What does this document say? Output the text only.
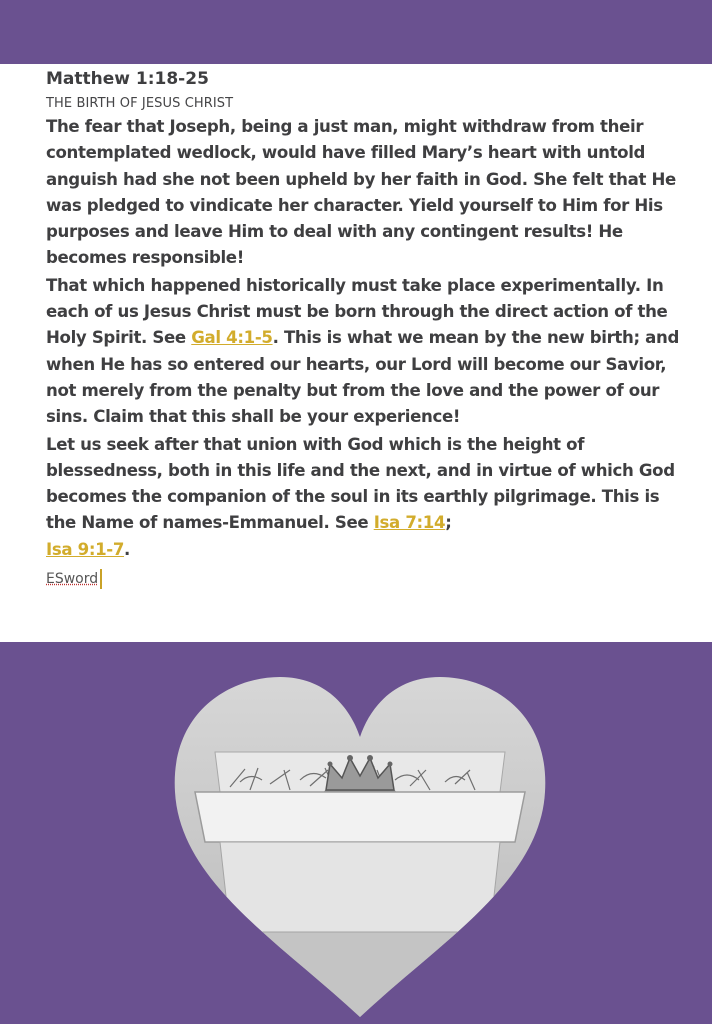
Matthew 1:18-25

THE BIRTH OF JESUS CHRIST

The fear that Joseph, being a just man, might withdraw from their contemplated wedlock, would have filled Mary’s heart with untold anguish had she not been upheld by her faith in God. She felt that He was pledged to vindicate her character. Yield yourself to Him for His purposes and leave Him to deal with any contingent results! He becomes responsible!

That which happened historically must take place experimentally. In each of us Jesus Christ must be born through the direct action of the Holy Spirit. See Gal 4:1-5. This is what we mean by the new birth; and when He has so entered our hearts, our Lord will become our Savior, not merely from the penalty but from the love and the power of our sins. Claim that this shall be your experience!

Let us seek after that union with God which is the height of blessedness, both in this life and the next, and in virtue of which God becomes the companion of the soul in its earthly pilgrimage. This is the Name of names-Emmanuel. See Isa 7:14;
Isa 9:1-7.

ESword
